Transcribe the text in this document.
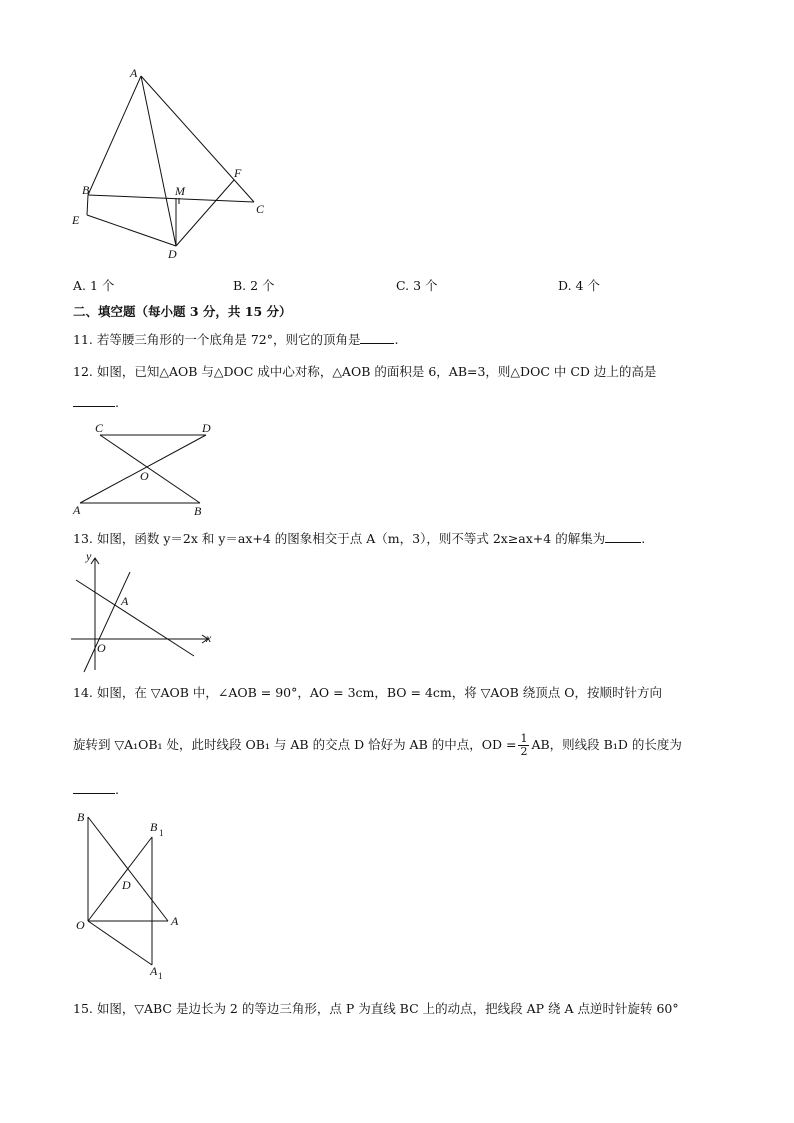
A
B	M
F
C
E
D
A. 1 个	B. 2 个	C. 3 个	D. 4 个
二、填空题（每小题 3 分，共 15 分）
11. 若等腰三角形的一个底角是 72°，则它的顶角是	.
12. 如图，已知△AOB 与△DOC 成中心对称，△AOB 的面积是 6，AB=3，则△DOC 中 CD 边上的高是
.
C	D
O
A	B
13. 如图，函数 y＝2x 和 y＝ax+4 的图象相交于点 A（m，3），则不等式 2x≥ax+4 的解集为	.
y
x
A
O
14. 如图，在 ▽AOB 中，∠AOB = 90°，AO = 3cm，BO = 4cm，将 ▽AOB 绕顶点 O，按顺时针方向
旋转到 ▽A₁OB₁ 处，此时线段 OB₁ 与 AB 的交点 D 恰好为 AB 的中点，OD = $\frac{1}{2}$ AB，则线段 B₁D 的长度为
.
B
B 1
D
O	A
A 1
15. 如图，▽ABC 是边长为 2 的等边三角形，点 P 为直线 BC 上的动点，把线段 AP 绕 A 点逆时针旋转 60°
